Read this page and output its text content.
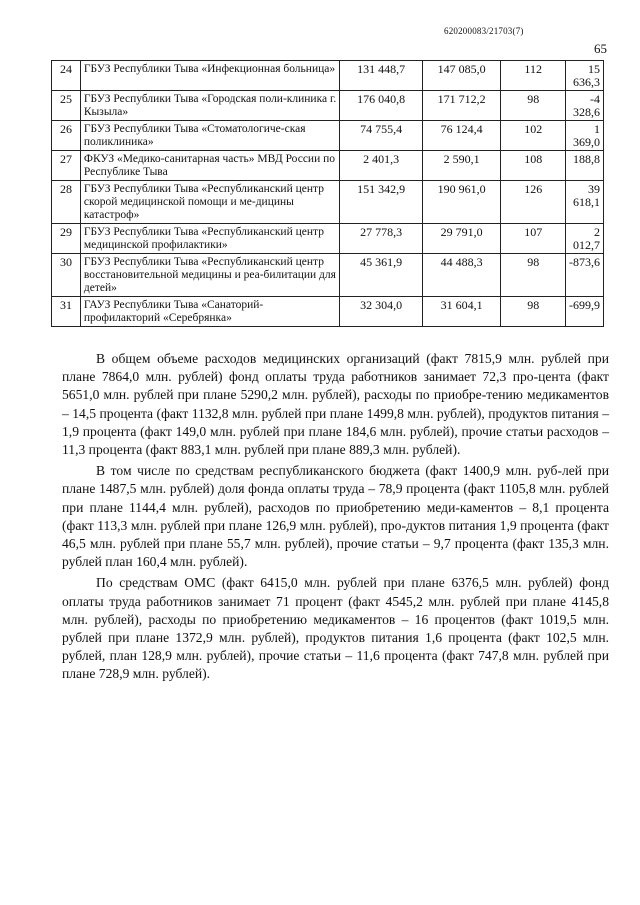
620200083/21703(7)
65
24	ГБУЗ Республики Тыва «Инфекционная больница»	131 448,7	147 085,0	112	15 636,3
25	ГБУЗ Республики Тыва «Городская поли-клиника г. Кызыла»	176 040,8	171 712,2	98	-4 328,6
26	ГБУЗ Республики Тыва «Стоматологиче-ская поликлиника»	74 755,4	76 124,4	102	1 369,0
27	ФКУЗ «Медико-санитарная часть» МВД России по Республике Тыва	2 401,3	2 590,1	108	188,8
28	ГБУЗ Республики Тыва «Республиканский центр скорой медицинской помощи и ме-дицины катастроф»	151 342,9	190 961,0	126	39 618,1
29	ГБУЗ Республики Тыва «Республиканский центр медицинской профилактики»	27 778,3	29 791,0	107	2 012,7
30	ГБУЗ Республики Тыва «Республиканский центр восстановительной медицины и реа-билитации для детей»	45 361,9	44 488,3	98	-873,6
31	ГАУЗ Республики Тыва «Санаторий-профилакторий «Серебрянка»	32 304,0	31 604,1	98	-699,9

В общем объеме расходов медицинских организаций (факт 7815,9 млн. рублей при плане 7864,0 млн. рублей) фонд оплаты труда работников занимает 72,3 про-цента (факт 5651,0 млн. рублей при плане 5290,2 млн. рублей), расходы по приобре-тению медикаментов – 14,5 процента (факт 1132,8 млн. рублей при плане 1499,8 млн. рублей), продуктов питания – 1,9 процента (факт 149,0 млн. рублей при плане 184,6 млн. рублей), прочие статьи расходов – 11,3 процента (факт 883,1 млн. рублей при плане 889,3 млн. рублей).

В том числе по средствам республиканского бюджета (факт 1400,9 млн. руб-лей при плане 1487,5 млн. рублей) доля фонда оплаты труда – 78,9 процента (факт 1105,8 млн. рублей при плане 1144,4 млн. рублей), расходов по приобретению меди-каментов – 8,1 процента (факт 113,3 млн. рублей при плане 126,9 млн. рублей), про-дуктов питания 1,9 процента (факт 46,5 млн. рублей при плане 55,7 млн. рублей), прочие статьи – 9,7 процента (факт 135,3 млн. рублей план 160,4 млн. рублей).

По средствам ОМС (факт 6415,0 млн. рублей при плане 6376,5 млн. рублей) фонд оплаты труда работников занимает 71 процент (факт 4545,2 млн. рублей при плане 4145,8 млн. рублей), расходы по приобретению медикаментов – 16 процентов (факт 1019,5 млн. рублей при плане 1372,9 млн. рублей), продуктов питания 1,6 процента (факт 102,5 млн. рублей, план 128,9 млн. рублей), прочие статьи – 11,6 процента (факт 747,8 млн. рублей при плане 728,9 млн. рублей).
